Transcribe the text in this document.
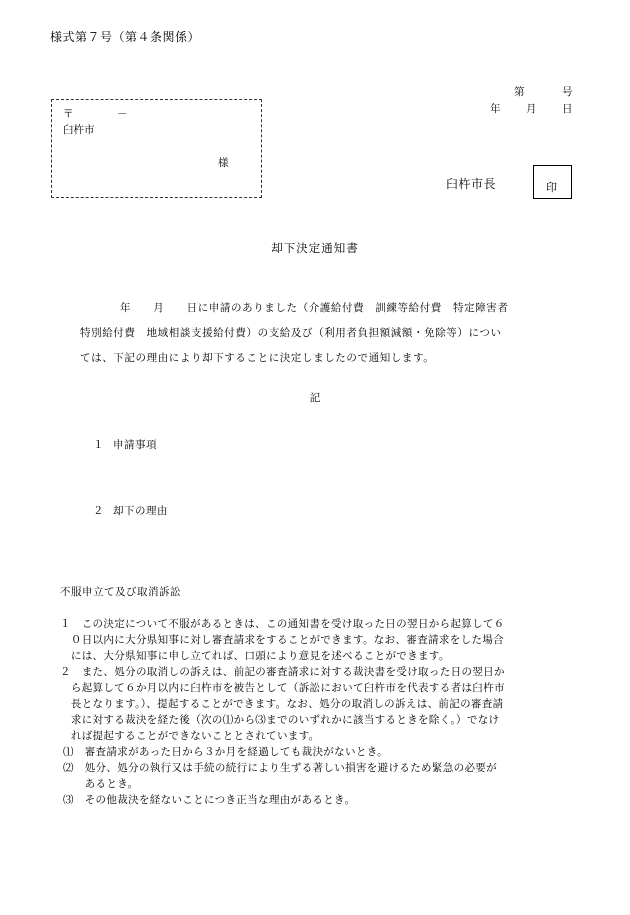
様式第７号（第４条関係）
〒	－
臼杵市
様
第	号
年 月 日
臼杵市長	印
却下決定通知書
年　　月　　日に申請のありました（介護給付費　訓練等給付費　特定障害者
特別給付費　地域相談支援給付費）の支給及び（利用者負担額減額・免除等）につい
ては、下記の理由により却下することに決定しましたので通知します。
記
１ 申請事項
２ 却下の理由
不服申立て及び取消訴訟
１　この決定について不服があるときは、この通知書を受け取った日の翌日から起算して６
　０日以内に大分県知事に対し審査請求をすることができます。なお、審査請求をした場合
　には、大分県知事に申し立てれば、口頭により意見を述べることができます。
２　また、処分の取消しの訴えは、前記の審査請求に対する裁決書を受け取った日の翌日か
　ら起算して６か月以内に臼杵市を被告として（訴訟において臼杵市を代表する者は臼杵市
　長となります。）、提起することができます。なお、処分の取消しの訴えは、前記の審査請
　求に対する裁決を経た後（次の⑴から⑶までのいずれかに該当するときを除く。）でなけ
　れば提起することができないこととされています。
⑴　審査請求があった日から３か月を経過しても裁決がないとき。
⑵　処分、処分の執行又は手続の続行により生ずる著しい損害を避けるため緊急の必要が
　　あるとき。
⑶　その他裁決を経ないことにつき正当な理由があるとき。
